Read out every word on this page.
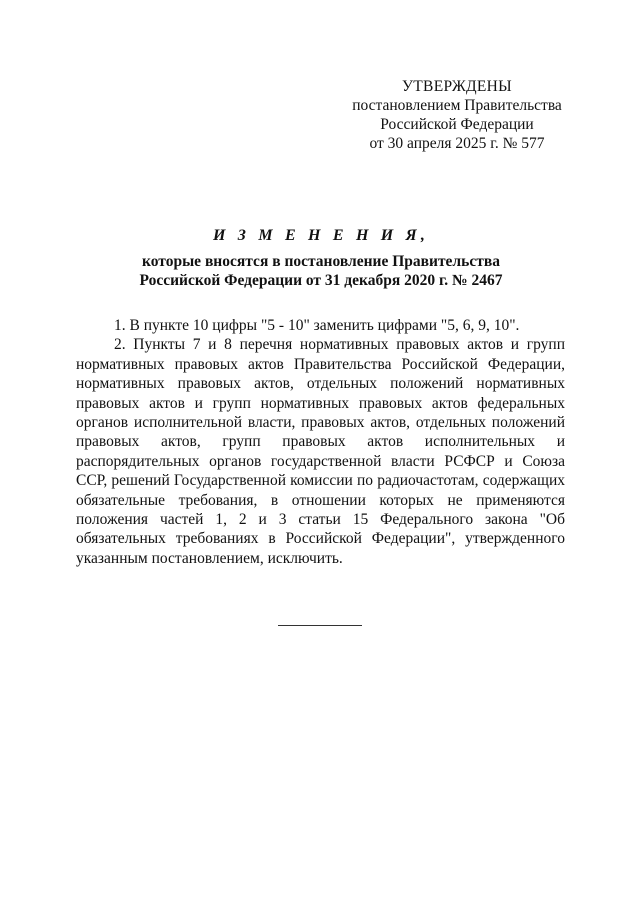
УТВЕРЖДЕНЫ
постановлением Правительства
Российской Федерации
от 30 апреля 2025 г. № 577
И З М Е Н Е Н И Я,
которые вносятся в постановление Правительства
Российской Федерации от 31 декабря 2020 г. № 2467

1. В пункте 10 цифры "5 - 10" заменить цифрами "5, 6, 9, 10".

2. Пункты 7 и 8 перечня нормативных правовых актов и групп нормативных правовых актов Правительства Российской Федерации, нормативных правовых актов, отдельных положений нормативных правовых актов и групп нормативных правовых актов федеральных органов исполнительной власти, правовых актов, отдельных положений правовых актов, групп правовых актов исполнительных и распорядительных органов государственной власти РСФСР и Союза ССР, решений Государственной комиссии по радиочастотам, содержащих обязательные требования, в отношении которых не применяются положения частей 1, 2 и 3 статьи 15 Федерального закона "Об обязательных требованиях в Российской Федерации", утвержденного указанным постановлением, исключить.
